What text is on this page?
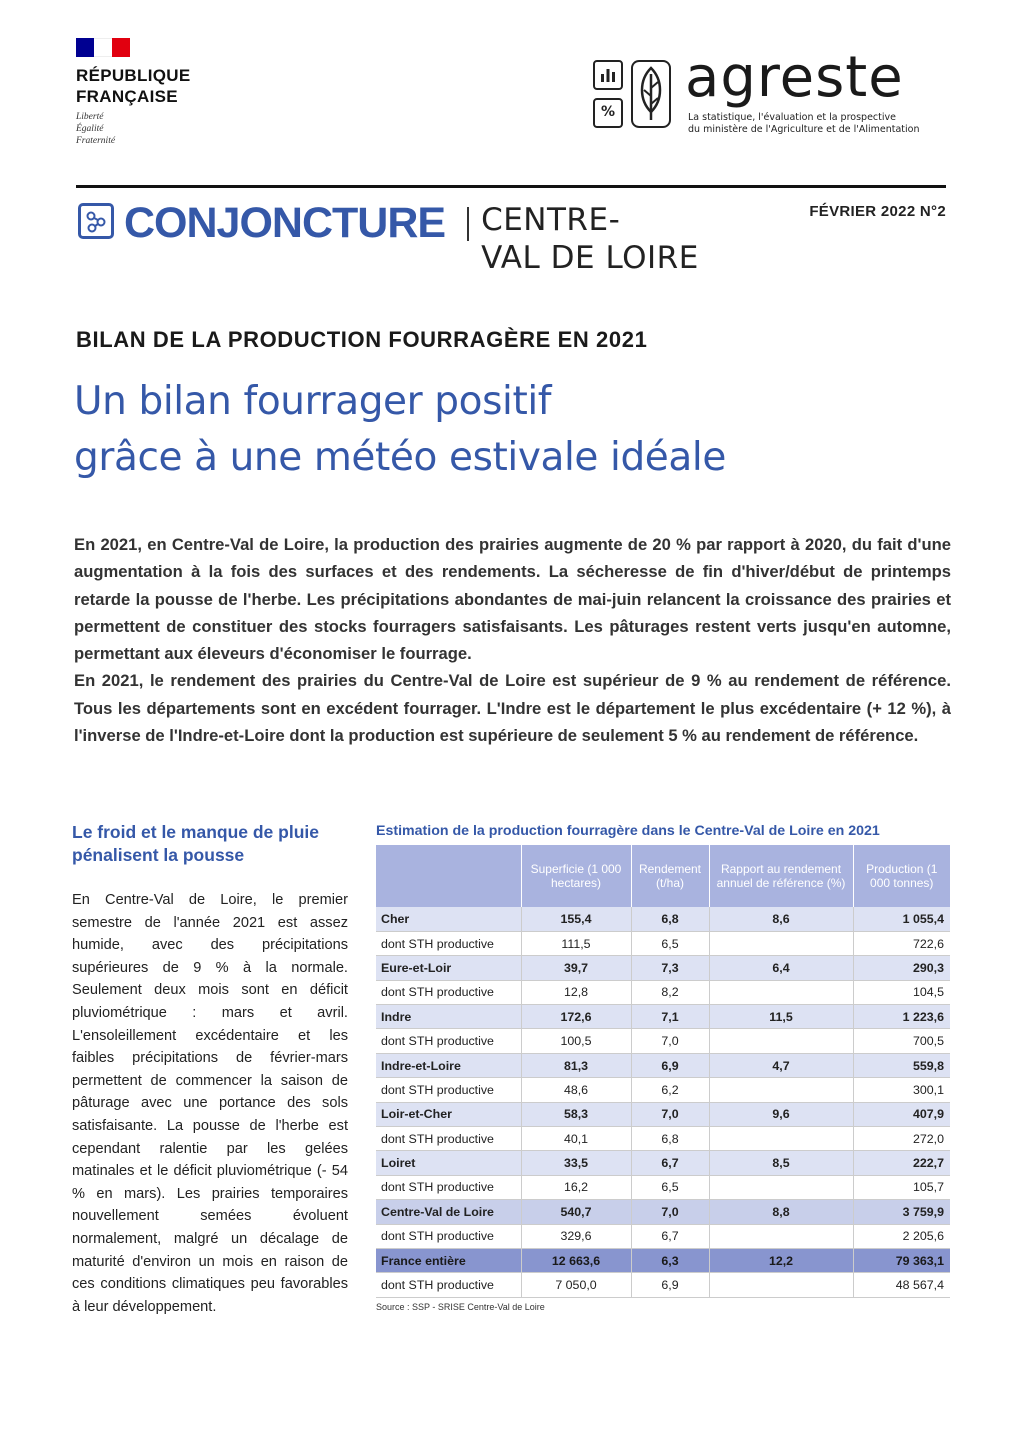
RÉPUBLIQUE
FRANÇAISE
Liberté
Égalité
Fraternité
%
agreste
La statistique, l'évaluation et la prospective
du ministère de l'Agriculture et de l'Alimentation
CONJONCTURE CENTRE-
VAL DE LOIRE
FÉVRIER 2022 N°2
BILAN DE LA PRODUCTION FOURRAGÈRE EN 2021
Un bilan fourrager positif
grâce à une météo estivale idéale

En 2021, en Centre-Val de Loire, la production des prairies augmente de 20 % par rapport à 2020, du fait d'une augmentation à la fois des surfaces et des rendements. La sécheresse de fin d'hiver/début de printemps retarde la pousse de l'herbe. Les précipitations abondantes de mai-juin relancent la croissance des prairies et permettent de constituer des stocks fourragers satisfaisants. Les pâturages restent verts jusqu'en automne, permettant aux éleveurs d'économiser le fourrage.

En 2021, le rendement des prairies du Centre-Val de Loire est supérieur de 9 % au rendement de référence. Tous les départements sont en excédent fourrager. L'Indre est le département le plus excédentaire (+ 12 %), à l'inverse de l'Indre-et-Loire dont la production est supérieure de seulement 5 % au rendement de référence.

Le froid et le manque de pluie pénalisent la pousse
En Centre-Val de Loire, le premier semestre de l'année 2021 est assez humide, avec des précipitations supérieures de 9 % à la normale. Seulement deux mois sont en déficit pluviométrique : mars et avril. L'ensoleillement excédentaire et les faibles précipitations de février-mars permettent de commencer la saison de pâturage avec une portance des sols satisfaisante. La pousse de l'herbe est cependant ralentie par les gelées matinales et le déficit pluviométrique (- 54 % en mars). Les prairies temporaires nouvellement semées évoluent normalement, malgré un décalage de maturité d'environ un mois en raison de ces conditions climatiques peu favorables à leur développement.
Estimation de la production fourragère dans le Centre-Val de Loire en 2021
	Superficie (1 000 hectares)	Rendement (t/ha)	Rapport au rendement annuel de référence (%)	Production (1 000 tonnes)
Cher	155,4	6,8	8,6	1 055,4
dont STH productive	111,5	6,5		722,6
Eure-et-Loir	39,7	7,3	6,4	290,3
dont STH productive	12,8	8,2		104,5
Indre	172,6	7,1	11,5	1 223,6
dont STH productive	100,5	7,0		700,5
Indre-et-Loire	81,3	6,9	4,7	559,8
dont STH productive	48,6	6,2		300,1
Loir-et-Cher	58,3	7,0	9,6	407,9
dont STH productive	40,1	6,8		272,0
Loiret	33,5	6,7	8,5	222,7
dont STH productive	16,2	6,5		105,7
Centre-Val de Loire	540,7	7,0	8,8	3 759,9
dont STH productive	329,6	6,7		2 205,6
France entière	12 663,6	6,3	12,2	79 363,1
dont STH productive	7 050,0	6,9		48 567,4
Source : SSP - SRISE Centre-Val de Loire
